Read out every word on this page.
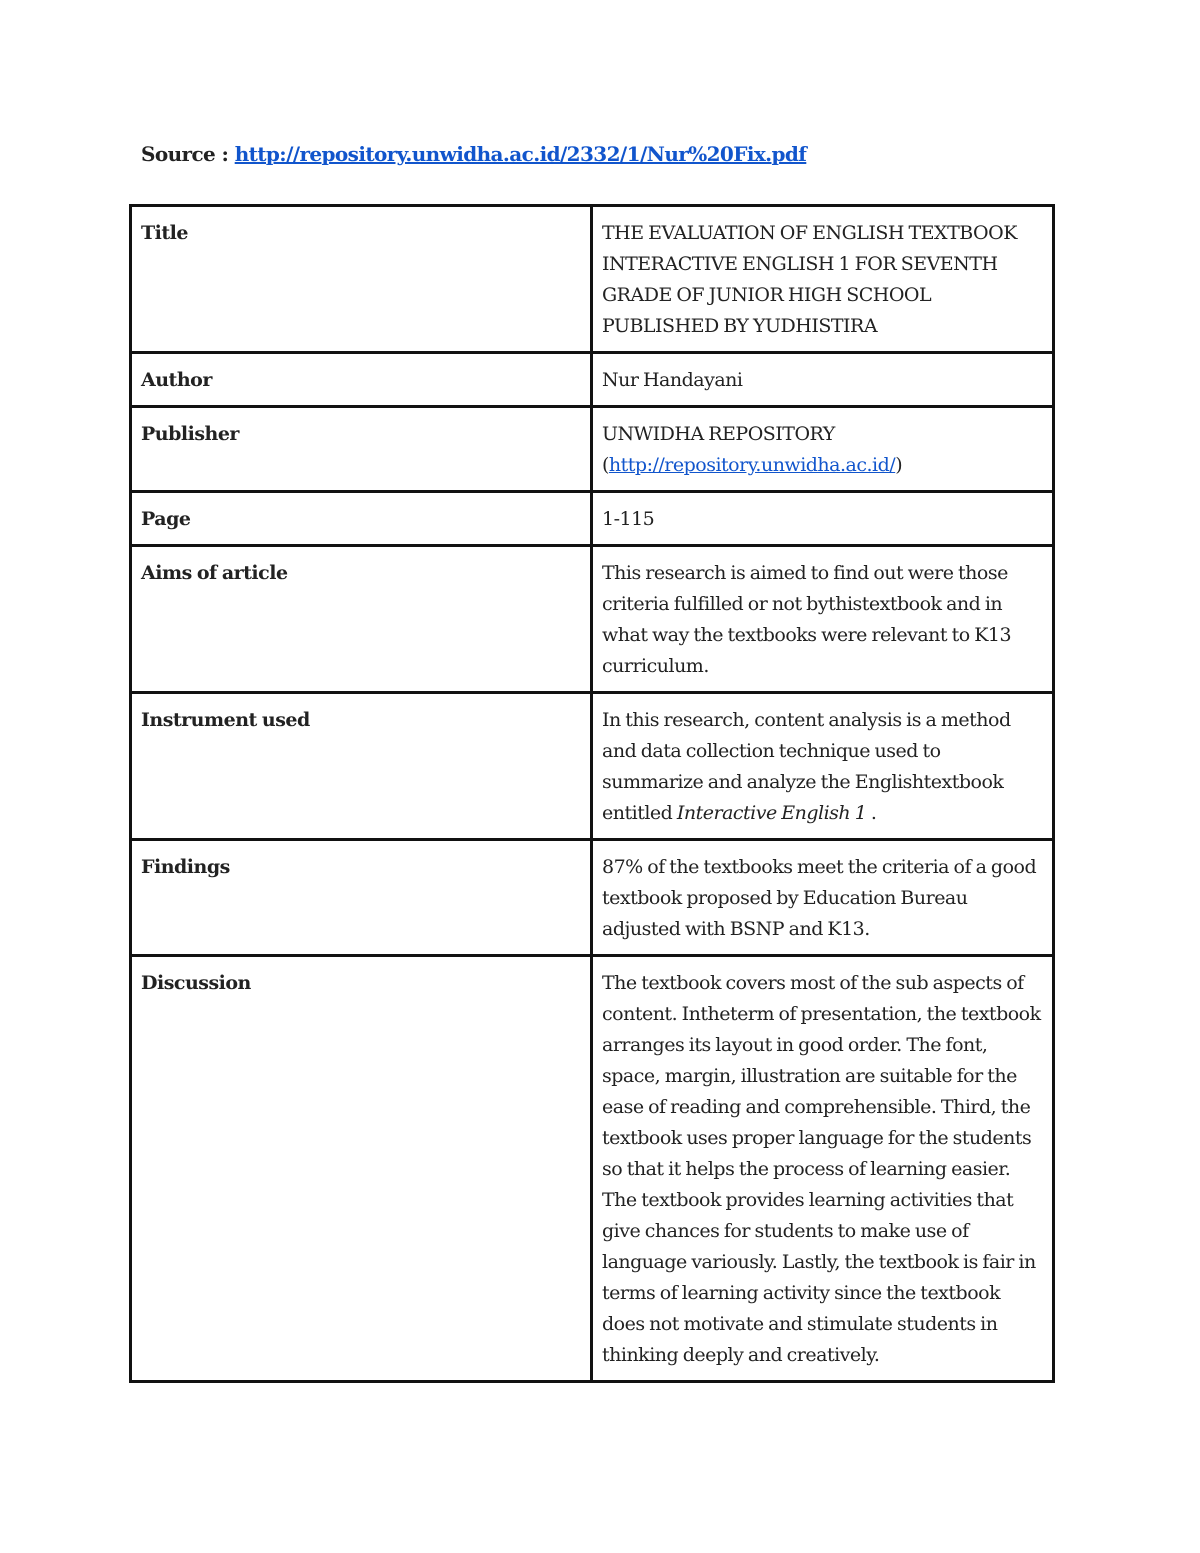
Source : http://repository.unwidha.ac.id/2332/1/Nur%20Fix.pdf
Title	THE EVALUATION OF ENGLISH TEXTBOOK INTERACTIVE ENGLISH 1 FOR SEVENTH GRADE OF JUNIOR HIGH SCHOOL PUBLISHED BY YUDHISTIRA
Author	Nur Handayani
Publisher	UNWIDHA REPOSITORY
(http://repository.unwidha.ac.id/)
Page	1-115
Aims of article	This research is aimed to find out were those criteria fulfilled or not bythistextbook and in what way the textbooks were relevant to K13 curriculum.
Instrument used	In this research, content analysis is a method and data collection technique used to summarize and analyze the Englishtextbook entitled Interactive English 1 .
Findings	87% of the textbooks meet the criteria of a good textbook proposed by Education Bureau adjusted with BSNP and K13.
Discussion	The textbook covers most of the sub aspects of content. Intheterm of presentation, the textbook arranges its layout in good order. The font, space, margin, illustration are suitable for the ease of reading and comprehensible. Third, the textbook uses proper language for the students so that it helps the process of learning easier. The textbook provides learning activities that give chances for students to make use of language variously. Lastly, the textbook is fair in terms of learning activity since the textbook does not motivate and stimulate students in thinking deeply and creatively.
